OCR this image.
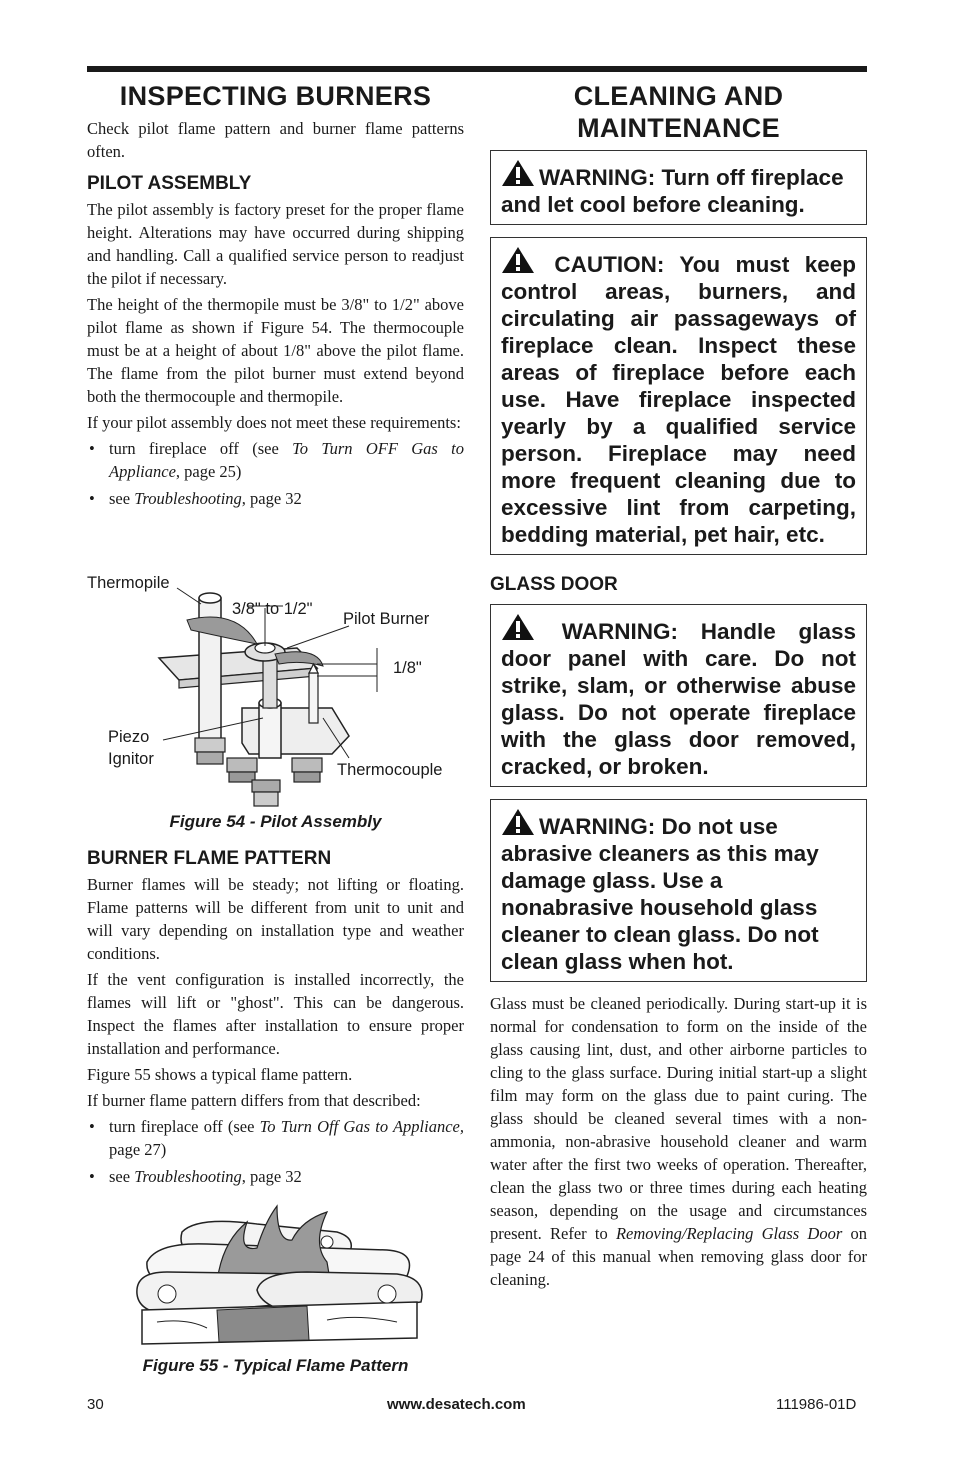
INSPECTING BURNERS

Check pilot flame pattern and burner flame patterns often.

PILOT ASSEMBLY

The pilot assembly is factory preset for the proper flame height. Alterations may have occurred during shipping and handling. Call a qualified service person to readjust the pilot if necessary.

The height of the thermopile must be 3/8" to 1/2" above pilot flame as shown if Figure 54. The thermocouple must be at a height of about 1/8" above the pilot flame. The flame from the pilot burner must extend beyond both the thermocouple and thermopile.

If your pilot assembly does not meet these requirements:

• turn fireplace off (see To Turn OFF Gas to Appliance, page 25)
• see Troubleshooting, page 32
Thermopile
3/8" to 1/2"
Pilot Burner
1/8"
Piezo
Ignitor
Thermocouple

Figure 54 - Pilot Assembly

BURNER FLAME PATTERN

Burner flames will be steady; not lifting or floating. Flame patterns will be different from unit to unit and will vary depending on installation type and weather conditions.

If the vent configuration is installed incorrectly, the flames will lift or "ghost". This can be dangerous. Inspect the flames after installation to ensure proper installation and performance.

Figure 55 shows a typical flame pattern.

If burner flame pattern differs from that described:

• turn fireplace off (see To Turn Off Gas to Appliance, page 27)
• see Troubleshooting, page 32

Figure 55 - Typical Flame Pattern

CLEANING AND
MAINTENANCE
WARNING: Turn off fireplace and let cool before cleaning.
CAUTION: You must keep control areas, burners, and circulating air passageways of fireplace clean. Inspect these areas of fireplace before each use. Have fireplace inspected yearly by a qualified service person. Fireplace may need more frequent cleaning due to excessive lint from carpeting, bedding material, pet hair, etc.
GLASS DOOR
WARNING: Handle glass door panel with care. Do not strike, slam, or otherwise abuse glass. Do not operate fireplace with the glass door removed, cracked, or broken.
WARNING: Do not use abrasive cleaners as this may damage glass. Use a nonabrasive household glass cleaner to clean glass. Do not clean glass when hot.

Glass must be cleaned periodically. During start-up it is normal for condensation to form on the inside of the glass causing lint, dust, and other airborne particles to cling to the glass surface. During initial start-up a slight film may form on the glass due to paint curing. The glass should be cleaned several times with a non-ammonia, non-abrasive household cleaner and warm water after the first two weeks of operation. Thereafter, clean the glass two or three times during each heating season, depending on the usage and circumstances present. Refer to Removing/Replacing Glass Door on page 24 of this manual when removing glass door for cleaning.

30	www.desatech.com	111986-01D
